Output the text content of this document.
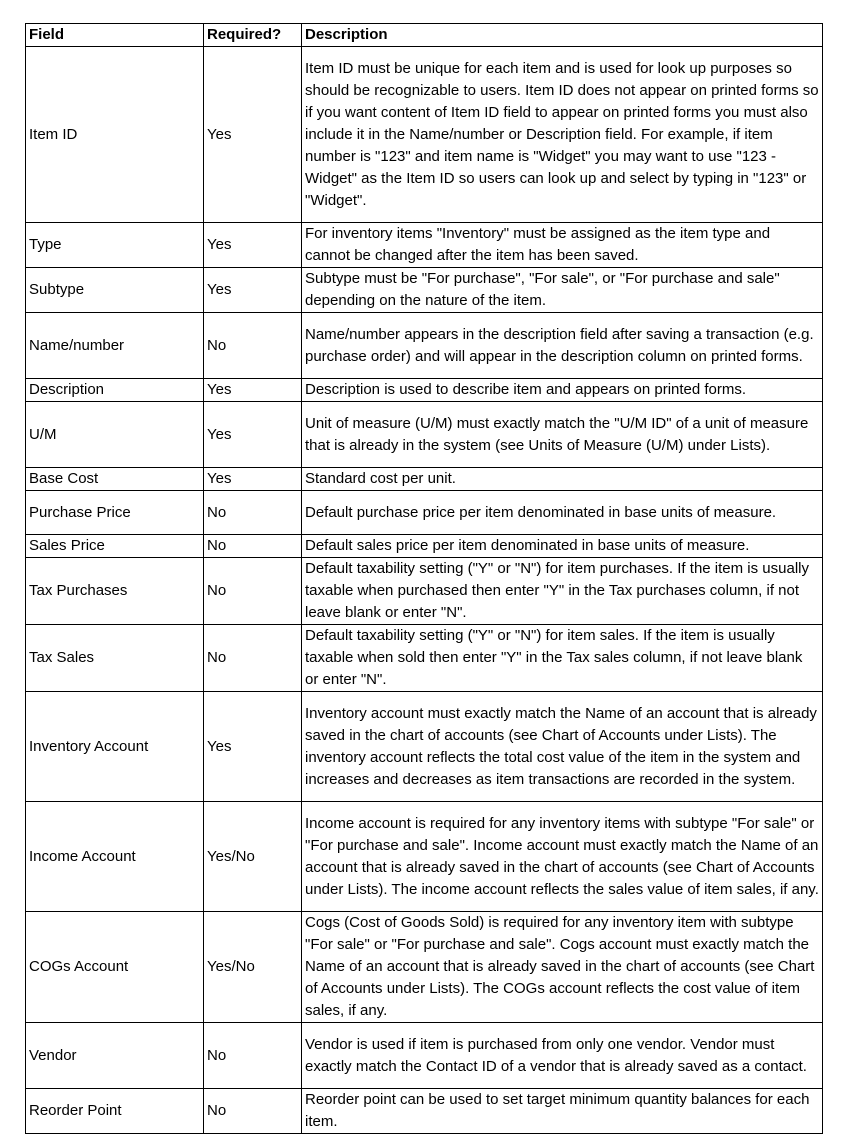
Field	Required?	Description
Item ID	Yes	Item ID must be unique for each item and is used for look up purposes so should be recognizable to users. Item ID does not appear on printed forms so if you want content of Item ID field to appear on printed forms you must also include it in the Name/number or Description field. For example, if item number is "123" and item name is "Widget" you may want to use "123 - Widget" as the Item ID so users can look up and select by typing in "123" or "Widget".
Type	Yes	For inventory items "Inventory" must be assigned as the item type and cannot be changed after the item has been saved.
Subtype	Yes	Subtype must be "For purchase", "For sale", or "For purchase and sale" depending on the nature of the item.
Name/number	No	Name/number appears in the description field after saving a transaction (e.g. purchase order) and will appear in the description column on printed forms.
Description	Yes	Description is used to describe item and appears on printed forms.
U/M	Yes	Unit of measure (U/M) must exactly match the "U/M ID" of a unit of measure that is already in the system (see Units of Measure (U/M) under Lists).
Base Cost	Yes	Standard cost per unit.
Purchase Price	No	Default purchase price per item denominated in base units of measure.
Sales Price	No	Default sales price per item denominated in base units of measure.
Tax Purchases	No	Default taxability setting ("Y" or "N") for item purchases. If the item is usually taxable when purchased then enter "Y" in the Tax purchases column, if not leave blank or enter "N".
Tax Sales	No	Default taxability setting ("Y" or "N") for item sales. If the item is usually taxable when sold then enter "Y" in the Tax sales column, if not leave blank or enter "N".
Inventory Account	Yes	Inventory account must exactly match the Name of an account that is already saved in the chart of accounts (see Chart of Accounts under Lists). The inventory account reflects the total cost value of the item in the system and increases and decreases as item transactions are recorded in the system.
Income Account	Yes/No	Income account is required for any inventory items with subtype "For sale" or "For purchase and sale". Income account must exactly match the Name of an account that is already saved in the chart of accounts (see Chart of Accounts under Lists). The income account reflects the sales value of item sales, if any.
COGs Account	Yes/No	Cogs (Cost of Goods Sold) is required for any inventory item with subtype "For sale" or "For purchase and sale". Cogs account must exactly match the Name of an account that is already saved in the chart of accounts (see Chart of Accounts under Lists). The COGs account reflects the cost value of item sales, if any.
Vendor	No	Vendor is used if item is purchased from only one vendor. Vendor must exactly match the Contact ID of a vendor that is already saved as a contact.
Reorder Point	No	Reorder point can be used to set target minimum quantity balances for each item.
